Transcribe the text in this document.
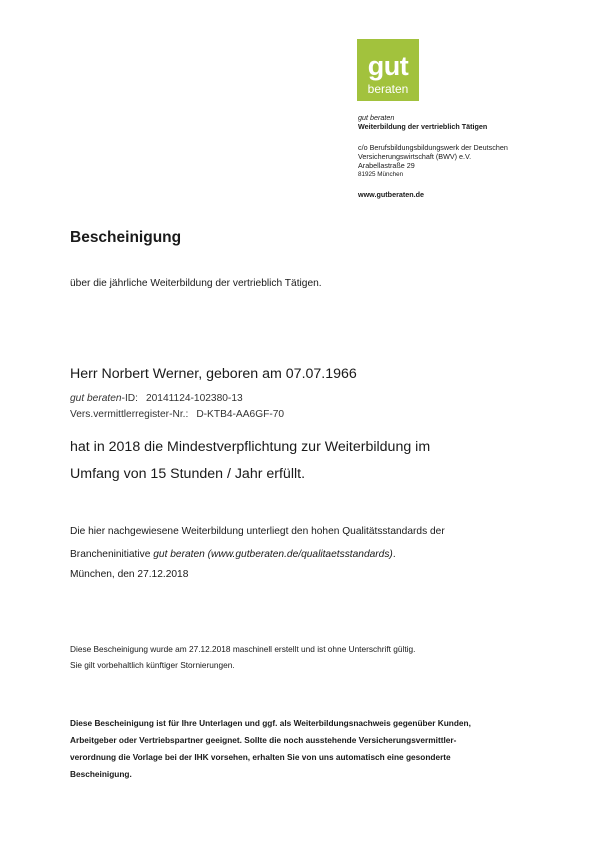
gut
beraten
gut beraten
Weiterbildung der vertrieblich Tätigen
c/o Berufsbildungsbildungswerk der Deutschen
Versicherungswirtschaft (BWV) e.V.
Arabellastraße 29
81925 München
www.gutberaten.de
Bescheinigung
über die jährliche Weiterbildung der vertrieblich Tätigen.
Herr Norbert Werner, geboren am 07.07.1966
gut beraten-ID: 20141124-102380-13
Vers.vermittlerregister-Nr.: D-KTB4-AA6GF-70
hat in 2018 die Mindestverpflichtung zur Weiterbildung im
Umfang von 15 Stunden / Jahr erfüllt.
Die hier nachgewiesene Weiterbildung unterliegt den hohen Qualitätsstandards der
Brancheninitiative gut beraten (www.gutberaten.de/qualitaetsstandards).
München, den 27.12.2018
Diese Bescheinigung wurde am 27.12.2018 maschinell erstellt und ist ohne Unterschrift gültig.
Sie gilt vorbehaltlich künftiger Stornierungen.
Diese Bescheinigung ist für Ihre Unterlagen und ggf. als Weiterbildungsnachweis gegenüber Kunden,
Arbeitgeber oder Vertriebspartner geeignet. Sollte die noch ausstehende Versicherungsvermittler-
verordnung die Vorlage bei der IHK vorsehen, erhalten Sie von uns automatisch eine gesonderte
Bescheinigung.
